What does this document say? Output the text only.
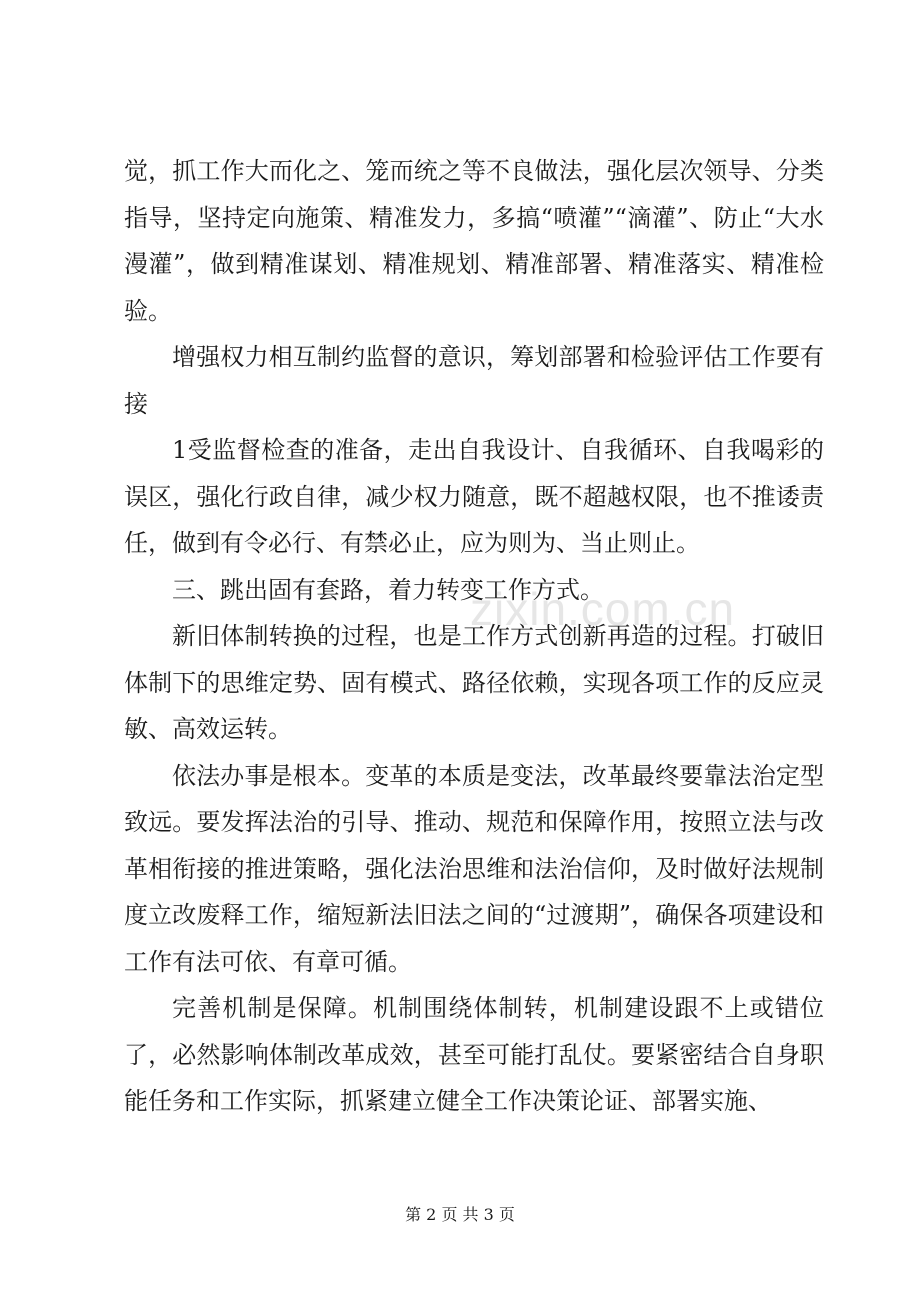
觉，抓工作大而化之、笼而统之等不良做法，强化层次领导、分类指导，坚持定向施策、精准发力，多搞“喷灌”“滴灌”、防止“大水漫灌”，做到精准谋划、精准规划、精准部署、精准落实、精准检验。

增强权力相互制约监督的意识，筹划部署和检验评估工作要有接

1受监督检查的准备，走出自我设计、自我循环、自我喝彩的误区，强化行政自律，减少权力随意，既不超越权限，也不推诿责任，做到有令必行、有禁必止，应为则为、当止则止。

三、跳出固有套路，着力转变工作方式。

新旧体制转换的过程，也是工作方式创新再造的过程。打破旧体制下的思维定势、固有模式、路径依赖，实现各项工作的反应灵敏、高效运转。

依法办事是根本。变革的本质是变法，改革最终要靠法治定型致远。要发挥法治的引导、推动、规范和保障作用，按照立法与改革相衔接的推进策略，强化法治思维和法治信仰，及时做好法规制度立改废释工作，缩短新法旧法之间的“过渡期”，确保各项建设和工作有法可依、有章可循。

完善机制是保障。机制围绕体制转，机制建设跟不上或错位了，必然影响体制改革成效，甚至可能打乱仗。要紧密结合自身职能任务和工作实际，抓紧建立健全工作决策论证、部署实施、

zixin.com.cn
第 2 页 共 3 页
